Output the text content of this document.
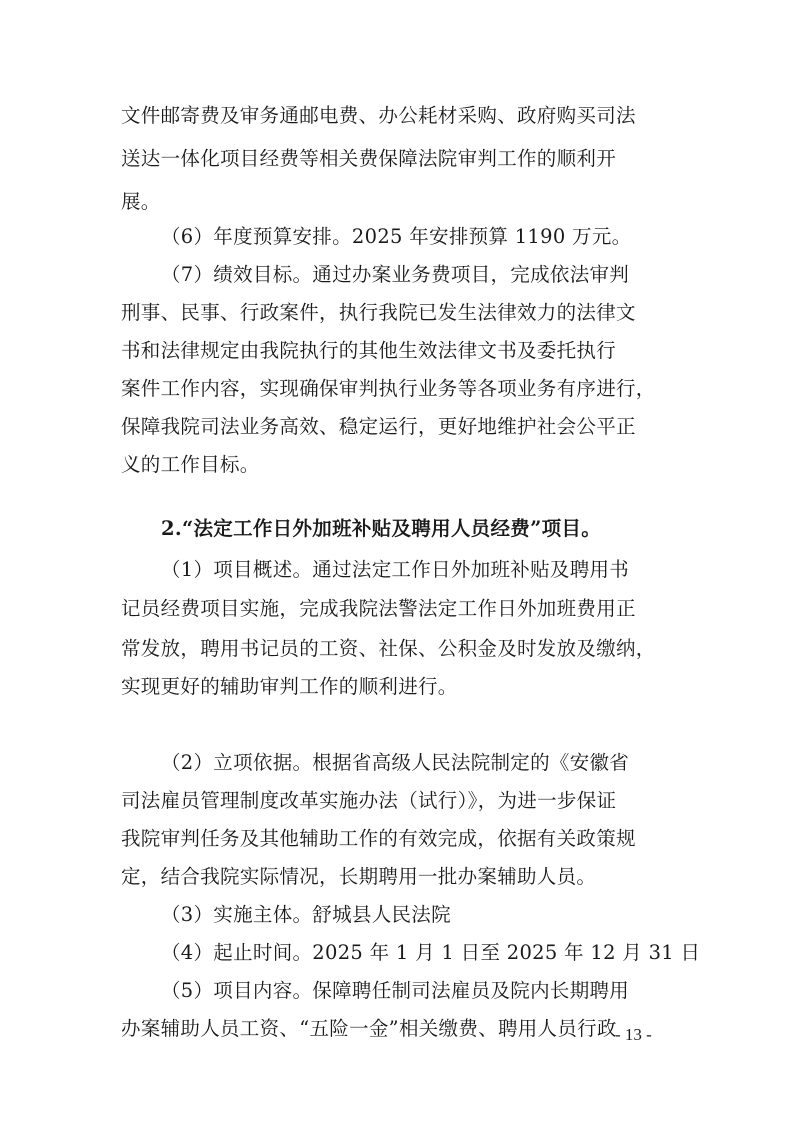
文件邮寄费及审务通邮电费、办公耗材采购、政府购买司法
送达一体化项目经费等相关费保障法院审判工作的顺利开
展。
（6）年度预算安排。2025 年安排预算 1190 万元。
（7）绩效目标。通过办案业务费项目，完成依法审判
刑事、民事、行政案件，执行我院已发生法律效力的法律文
书和法律规定由我院执行的其他生效法律文书及委托执行
案件工作内容，实现确保审判执行业务等各项业务有序进行，
保障我院司法业务高效、稳定运行，更好地维护社会公平正
义的工作目标。
2.“法定工作日外加班补贴及聘用人员经费”项目。
（1）项目概述。通过法定工作日外加班补贴及聘用书
记员经费项目实施，完成我院法警法定工作日外加班费用正
常发放，聘用书记员的工资、社保、公积金及时发放及缴纳，
实现更好的辅助审判工作的顺利进行。
（2）立项依据。根据省高级人民法院制定的《安徽省
司法雇员管理制度改革实施办法（试行）》，为进一步保证
我院审判任务及其他辅助工作的有效完成，依据有关政策规
定，结合我院实际情况，长期聘用一批办案辅助人员。
（3）实施主体。舒城县人民法院
（4）起止时间。2025 年 1 月 1 日至 2025 年 12 月 31 日
（5）项目内容。保障聘任制司法雇员及院内长期聘用
办案辅助人员工资、“五险一金”相关缴费、聘用人员行政
- 13 -
